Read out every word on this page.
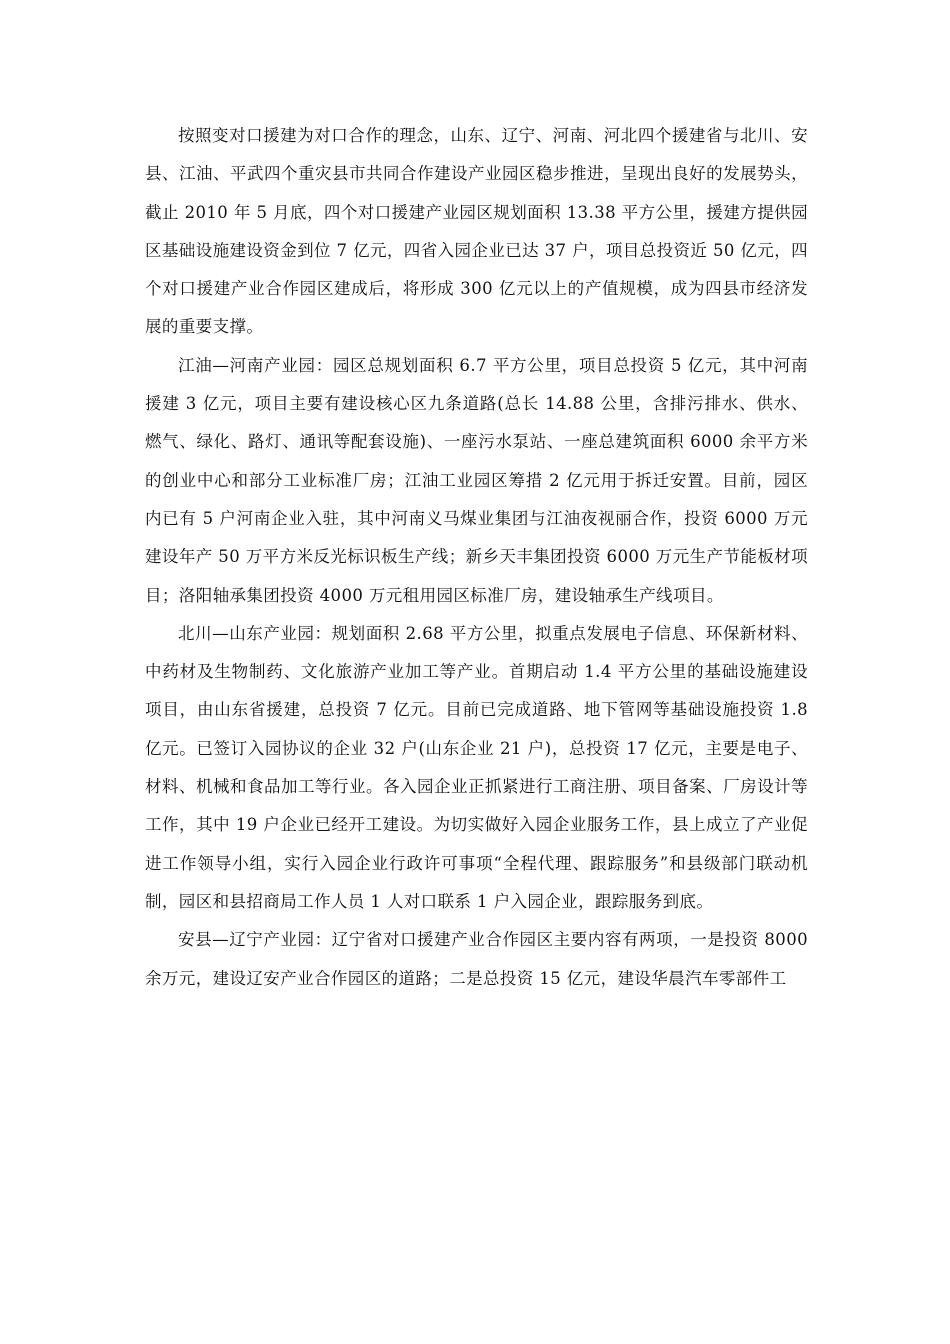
按照变对口援建为对口合作的理念，山东、辽宁、河南、河北四个援建省与北川、安县、江油、平武四个重灾县市共同合作建设产业园区稳步推进，呈现出良好的发展势头，截止 2010 年 5 月底，四个对口援建产业园区规划面积 13.38 平方公里，援建方提供园区基础设施建设资金到位 7 亿元，四省入园企业已达 37 户，项目总投资近 50 亿元，四个对口援建产业合作园区建成后，将形成 300 亿元以上的产值规模，成为四县市经济发展的重要支撑。

江油—河南产业园：园区总规划面积 6.7 平方公里，项目总投资 5 亿元，其中河南援建 3 亿元，项目主要有建设核心区九条道路(总长 14.88 公里，含排污排水、供水、燃气、绿化、路灯、通讯等配套设施)、一座污水泵站、一座总建筑面积 6000 余平方米的创业中心和部分工业标准厂房；江油工业园区筹措 2 亿元用于拆迁安置。目前，园区内已有 5 户河南企业入驻，其中河南义马煤业集团与江油夜视丽合作，投资 6000 万元建设年产 50 万平方米反光标识板生产线；新乡天丰集团投资 6000 万元生产节能板材项目；洛阳轴承集团投资 4000 万元租用园区标准厂房，建设轴承生产线项目。

北川—山东产业园：规划面积 2.68 平方公里，拟重点发展电子信息、环保新材料、中药材及生物制药、文化旅游产业加工等产业。首期启动 1.4 平方公里的基础设施建设项目，由山东省援建，总投资 7 亿元。目前已完成道路、地下管网等基础设施投资 1.8 亿元。已签订入园协议的企业 32 户(山东企业 21 户)，总投资 17 亿元，主要是电子、材料、机械和食品加工等行业。各入园企业正抓紧进行工商注册、项目备案、厂房设计等工作，其中 19 户企业已经开工建设。为切实做好入园企业服务工作，县上成立了产业促进工作领导小组，实行入园企业行政许可事项“全程代理、跟踪服务”和县级部门联动机制，园区和县招商局工作人员 1 人对口联系 1 户入园企业，跟踪服务到底。

安县—辽宁产业园：辽宁省对口援建产业合作园区主要内容有两项，一是投资 8000 余万元，建设辽安产业合作园区的道路；二是总投资 15 亿元，建设华晨汽车零部件工
